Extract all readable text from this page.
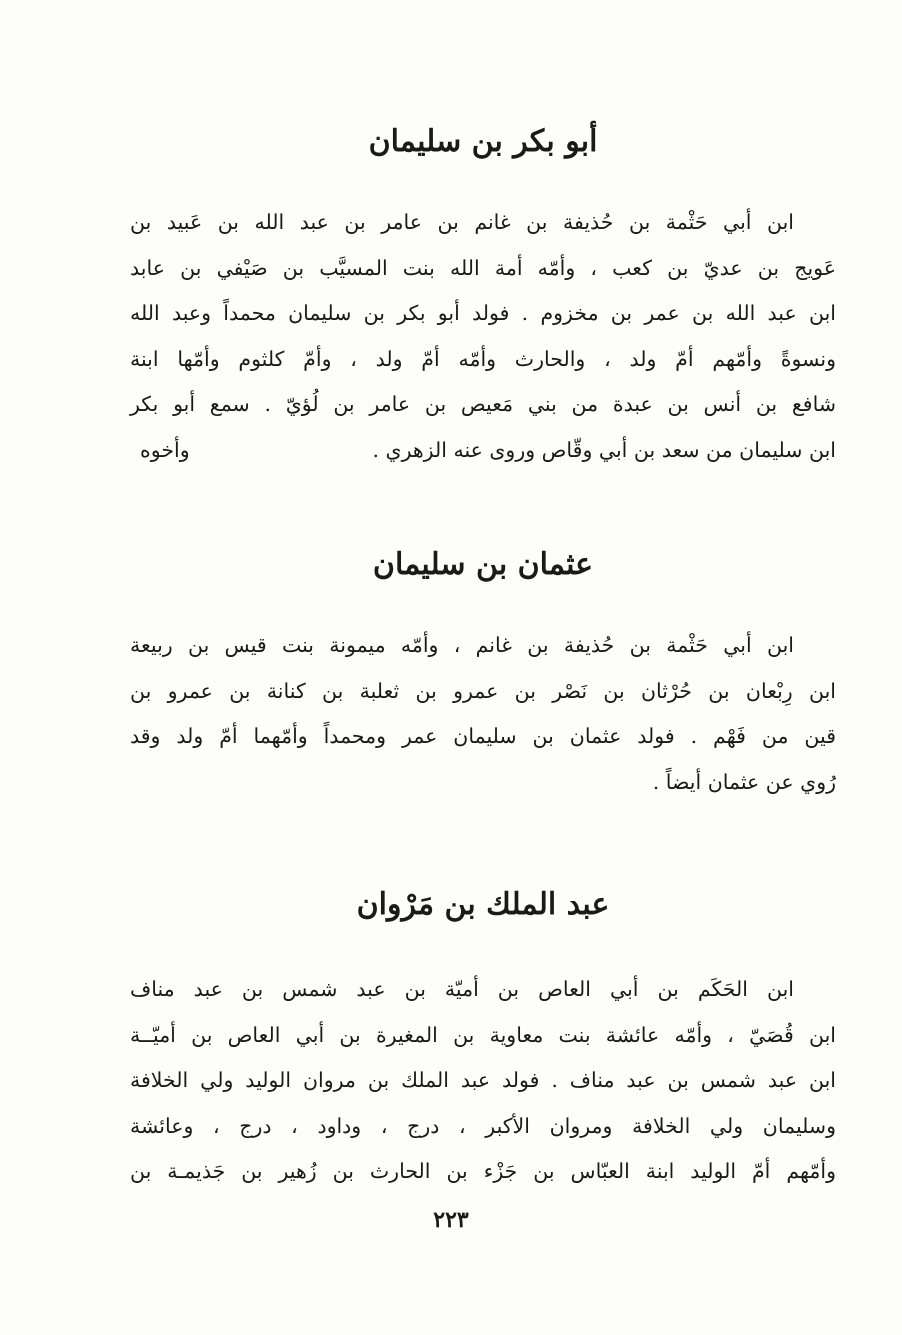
أبو بكر بن سليمان
ابن أبي حَثْمة بن حُذيفة بن غانم بن عامر بن عبد الله بن عَبيد بن
عَويج بن عديّ بن كعب ، وأمّه أمة الله بنت المسيَّب بن صَيْفي بن عابد
ابن عبد الله بن عمر بن مخزوم . فولد أبو بكر بن سليمان محمداً وعبد الله
ونسوةً وأمّهم أمّ ولد ، والحارث وأمّه أمّ ولد ، وأمّ كلثوم وأمّها ابنة
شافع بن أنس بن عبدة من بني مَعيص بن عامر بن لُؤيّ . سمع أبو بكر
ابن سليمان من سعد بن أبي وقّاص وروى عنه الزهري .
وأخوه
عثمان بن سليمان
ابن أبي حَثْمة بن حُذيفة بن غانم ، وأمّه ميمونة بنت قيس بن ربيعة
ابن رِبْعان بن حُرْثان بن نَصْر بن عمرو بن ثعلبة بن كنانة بن عمرو بن
قين من فَهْم . فولد عثمان بن سليمان عمر ومحمداً وأمّهما أمّ ولد وقد
رُوي عن عثمان أيضاً .
عبد الملك بن مَرْوان
ابن الحَكَم بن أبي العاص بن أميّة بن عبد شمس بن عبد مناف
ابن قُصَيّ ، وأمّه عائشة بنت معاوية بن المغيرة بن أبي العاص بن أميّــة
ابن عبد شمس بن عبد مناف . فولد عبد الملك بن مروان الوليد ولي الخلافة
وسليمان ولي الخلافة ومروان الأكبر ، درج ، وداود ، درج ، وعائشة
وأمّهم أمّ الوليد ابنة العبّاس بن جَزْء بن الحارث بن زُهير بن جَذيمـة بن
٢٢٣
